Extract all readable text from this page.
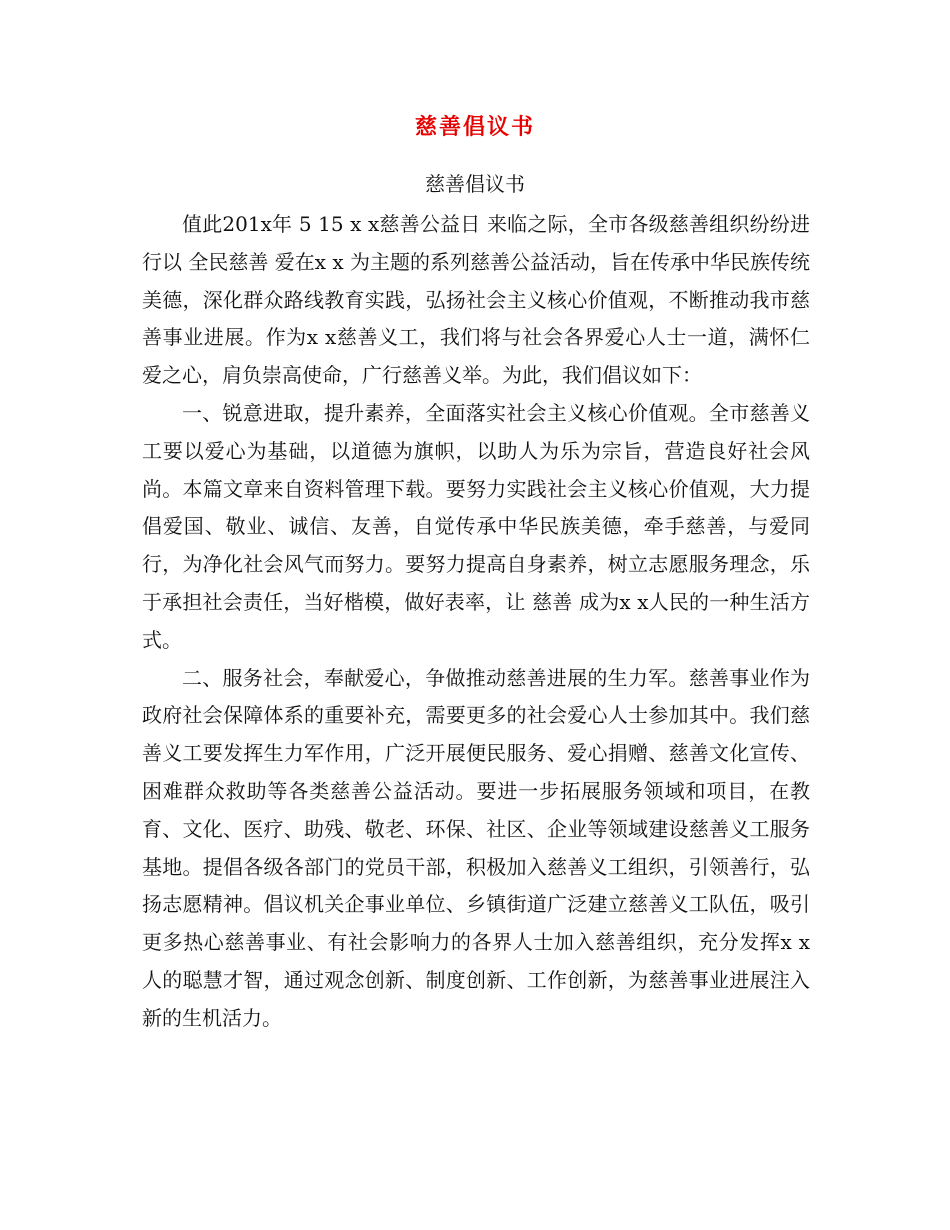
慈善倡议书
慈善倡议书

值此201x年 5 15 x x慈善公益日 来临之际，全市各级慈善组织纷纷进行以 全民慈善 爱在x x 为主题的系列慈善公益活动，旨在传承中华民族传统美德，深化群众路线教育实践，弘扬社会主义核心价值观，不断推动我市慈善事业进展。作为x x慈善义工，我们将与社会各界爱心人士一道，满怀仁爱之心，肩负崇高使命，广行慈善义举。为此，我们倡议如下：

一、锐意进取，提升素养，全面落实社会主义核心价值观。全市慈善义工要以爱心为基础，以道德为旗帜，以助人为乐为宗旨，营造良好社会风尚。本篇文章来自资料管理下载。要努力实践社会主义核心价值观，大力提倡爱国、敬业、诚信、友善，自觉传承中华民族美德，牵手慈善，与爱同行，为净化社会风气而努力。要努力提高自身素养，树立志愿服务理念，乐于承担社会责任，当好楷模，做好表率，让 慈善 成为x x人民的一种生活方式。

二、服务社会，奉献爱心，争做推动慈善进展的生力军。慈善事业作为政府社会保障体系的重要补充，需要更多的社会爱心人士参加其中。我们慈善义工要发挥生力军作用，广泛开展便民服务、爱心捐赠、慈善文化宣传、困难群众救助等各类慈善公益活动。要进一步拓展服务领域和项目，在教育、文化、医疗、助残、敬老、环保、社区、企业等领域建设慈善义工服务基地。提倡各级各部门的党员干部，积极加入慈善义工组织，引领善行，弘扬志愿精神。倡议机关企事业单位、乡镇街道广泛建立慈善义工队伍，吸引更多热心慈善事业、有社会影响力的各界人士加入慈善组织，充分发挥x x人的聪慧才智，通过观念创新、制度创新、工作创新，为慈善事业进展注入新的生机活力。
